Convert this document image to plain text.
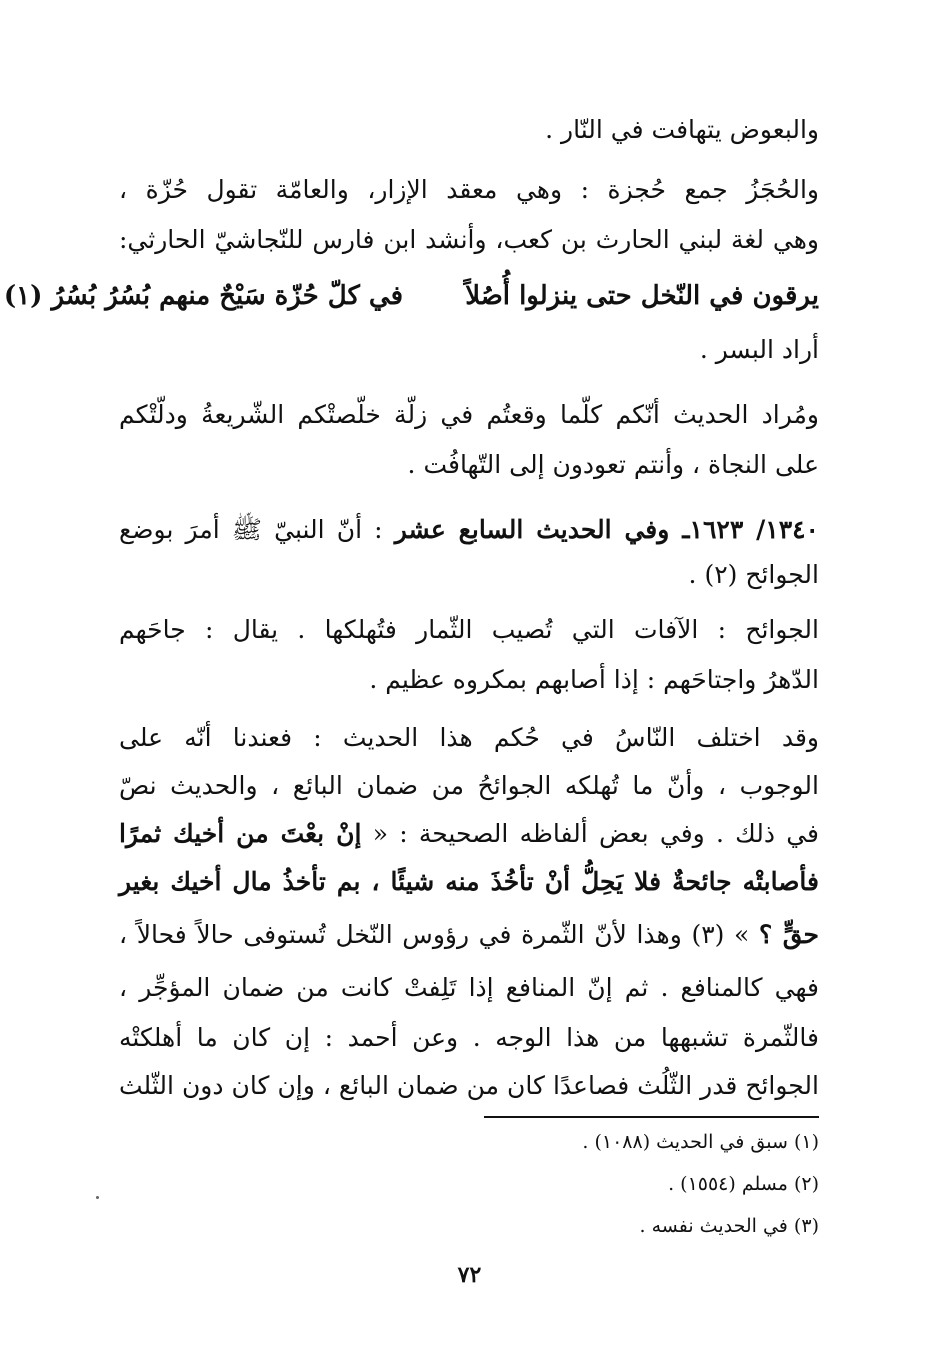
والبعوض يتهافت في النّار .
والحُجَزُ جمع حُجزة : وهي معقد الإزار، والعامّة تقول حُزّة ،
وهي لغة لبني الحارث بن كعب، وأنشد ابن فارس للنّجاشيّ الحارثي:
يرقون في النّخل حتى ينزلوا أُصُلاً
في كلّ حُزّة سَيْحٌ منهم بُسُرُ بُسُرُ (١)
أراد البسر .
ومُراد الحديث أنّكم كلّما وقعتُم في زلّة خلّصتْكم الشّريعةُ ودلّتْكم
على النجاة ، وأنتم تعودون إلى التّهافُت .
١٣٤٠/ ١٦٢٣ـ وفي الحديث السابع عشر : أنّ النبيّ ﷺ أمرَ بوضع
الجوائح (٢) .
الجوائح : الآفات التي تُصيب الثّمار فتُهلكها . يقال : جاحَهم
الدّهرُ واجتاحَهم : إذا أصابهم بمكروه عظيم .
وقد اختلف النّاسُ في حُكم هذا الحديث : فعندنا أنّه على
الوجوب ، وأنّ ما تُهلكه الجوائحُ من ضمان البائع ، والحديث نصّ
في ذلك . وفي بعض ألفاظه الصحيحة : « إنْ بعْتَ من أخيك ثمرًا
فأصابتْه جائحةٌ فلا يَحِلُّ أنْ تأخُذَ منه شيئًا ، بم تأخذُ مال أخيك بغير
حقٍّ ؟ » (٣) وهذا لأنّ الثّمرة في رؤوس النّخل تُستوفى حالاً فحالاً ،
فهي كالمنافع . ثم إنّ المنافع إذا تَلِفتْ كانت من ضمان المؤجِّر ،
فالثّمرة تشبهها من هذا الوجه . وعن أحمد : إن كان ما أهلكتْه
الجوائح قدر الثّلُث فصاعدًا كان من ضمان البائع ، وإن كان دون الثّلث
(١) سبق في الحديث (١٠٨٨) .
(٢) مسلم (١٥٥٤) .
(٣) في الحديث نفسه .
٧٢
